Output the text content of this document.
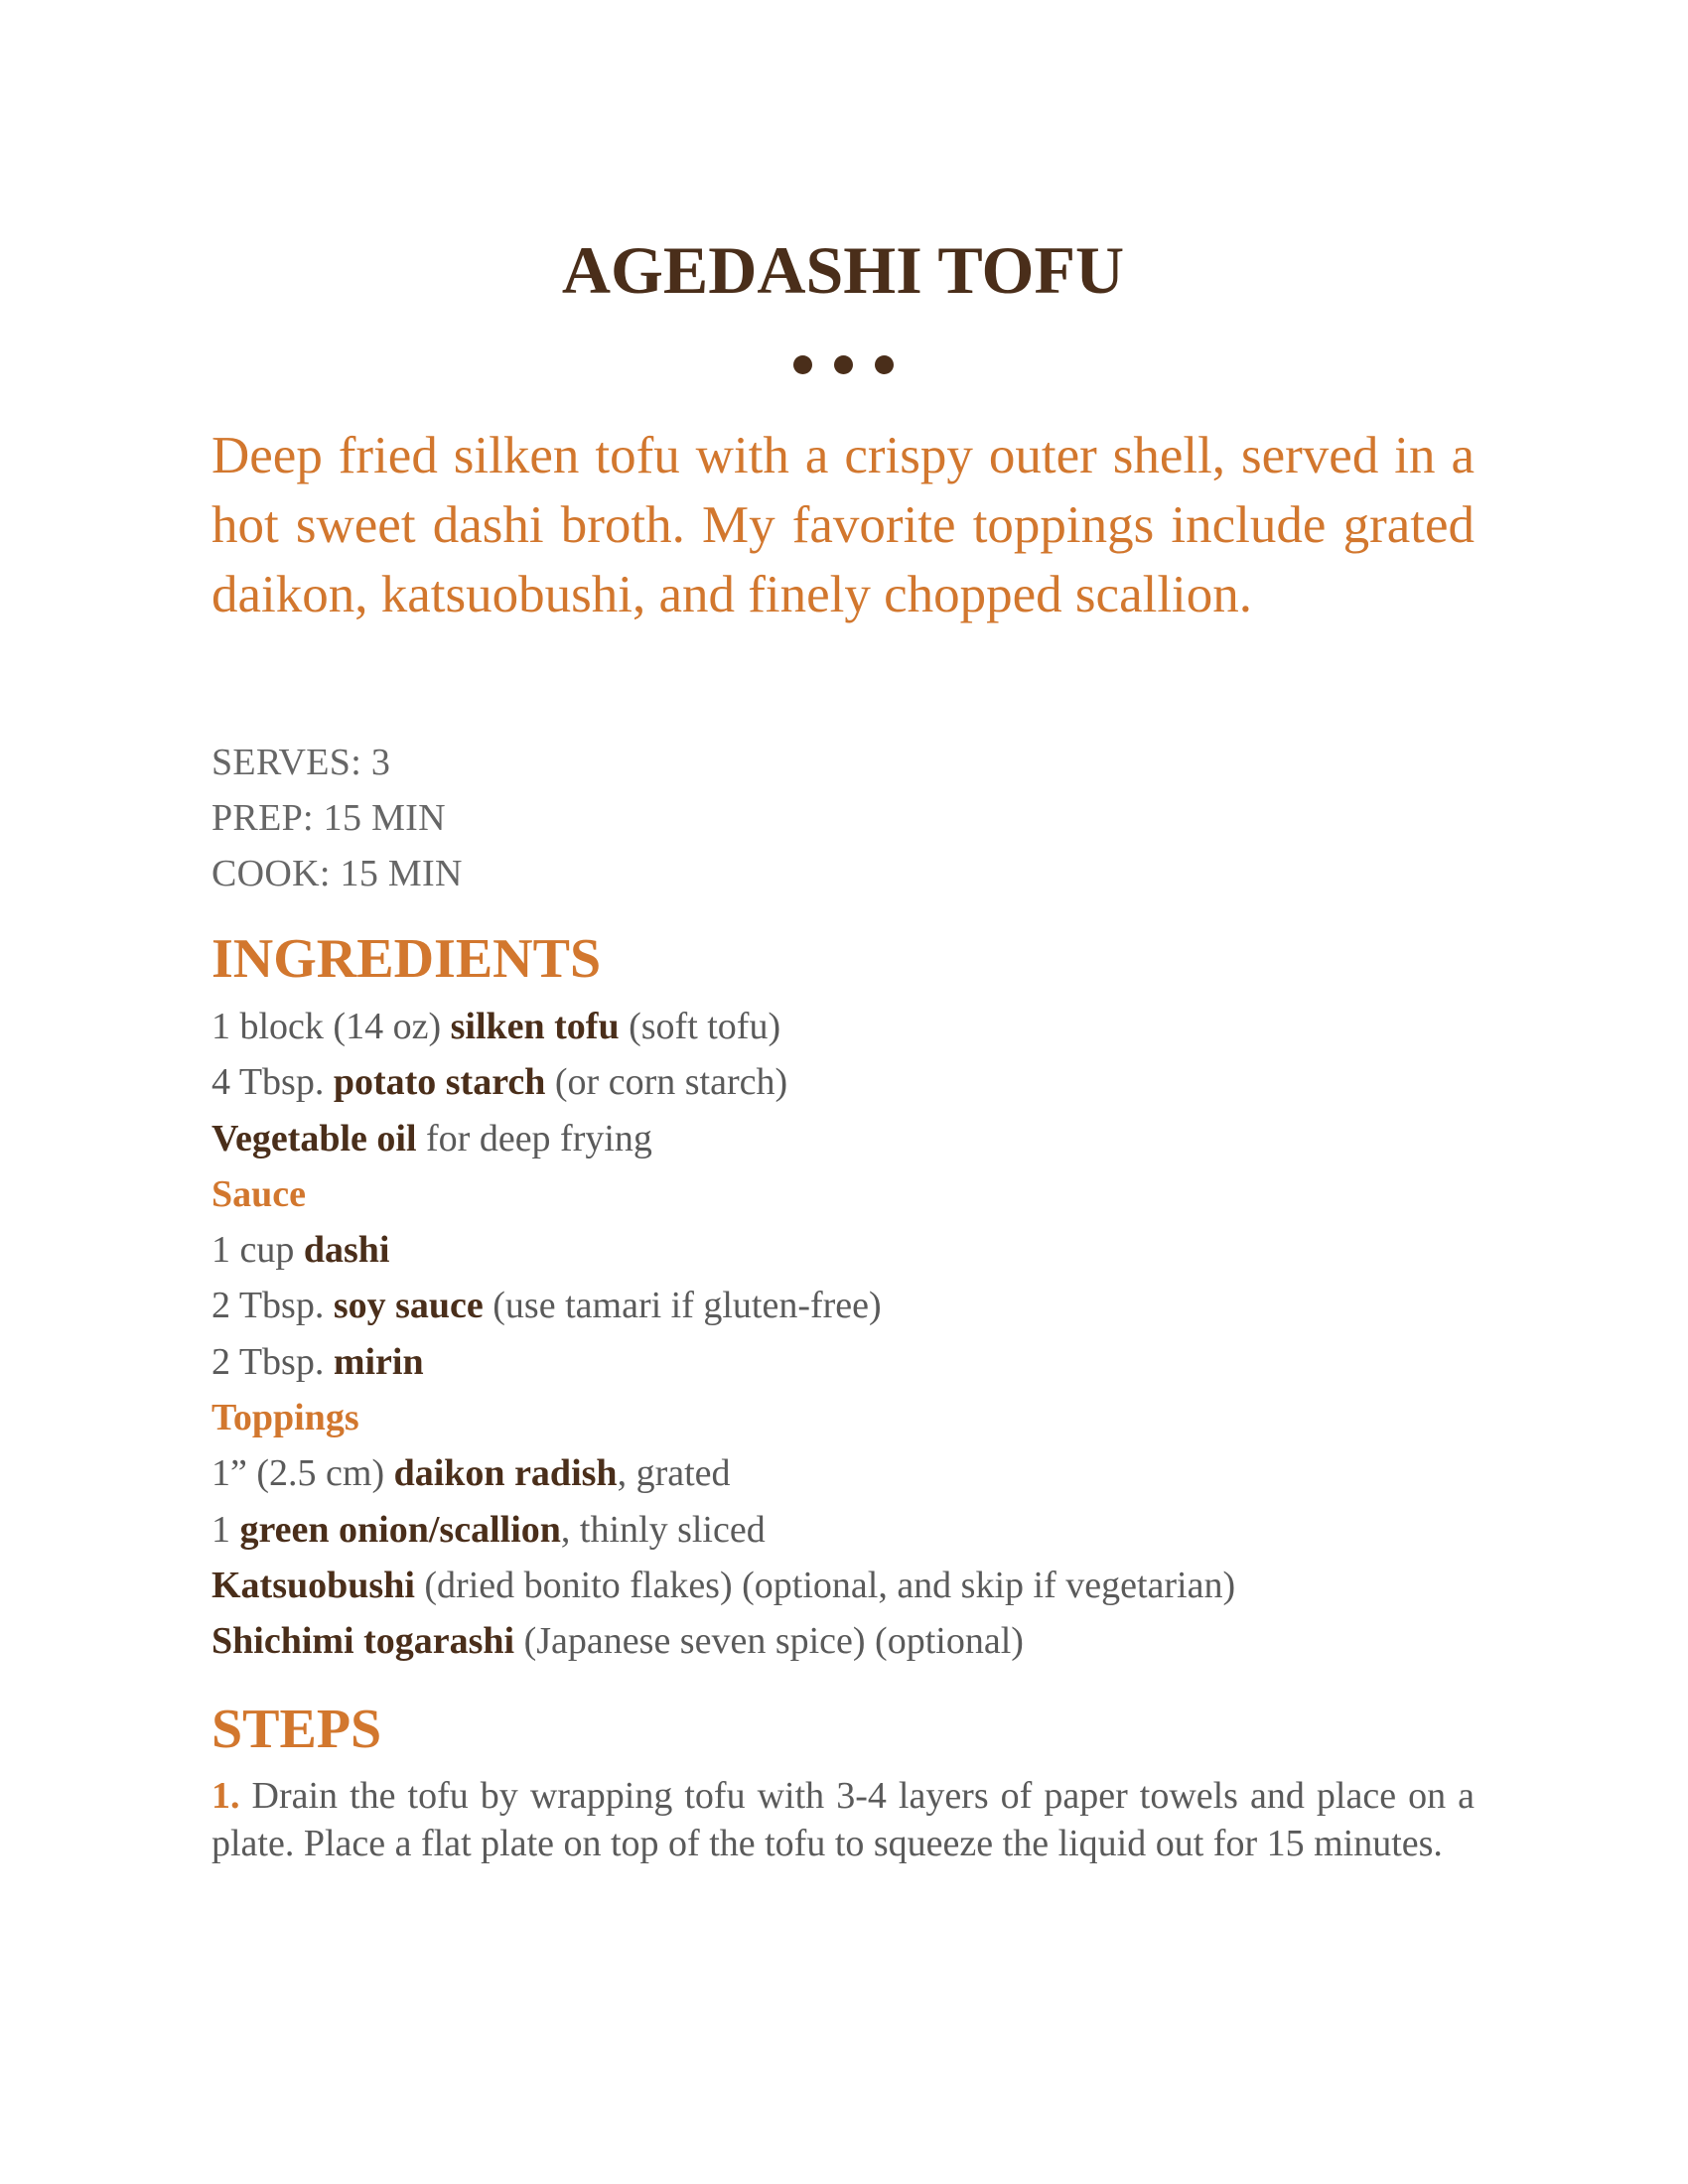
AGEDASHI TOFU

Deep fried silken tofu with a crispy outer shell, served in a hot sweet dashi broth. My favorite toppings include grated daikon, katsuobushi, and finely chopped scallion.

SERVES: 3
PREP: 15 MIN
COOK: 15 MIN
INGREDIENTS
1 block (14 oz) silken tofu (soft tofu)
4 Tbsp. potato starch (or corn starch)
Vegetable oil for deep frying
Sauce
1 cup dashi
2 Tbsp. soy sauce (use tamari if gluten-free)
2 Tbsp. mirin
Toppings
1” (2.5 cm) daikon radish, grated
1 green onion/scallion, thinly sliced
Katsuobushi (dried bonito flakes) (optional, and skip if vegetarian)
Shichimi togarashi (Japanese seven spice) (optional)
STEPS

1. Drain the tofu by wrapping tofu with 3-4 layers of paper towels and place on a plate. Place a flat plate on top of the tofu to squeeze the liquid out for 15 minutes.
